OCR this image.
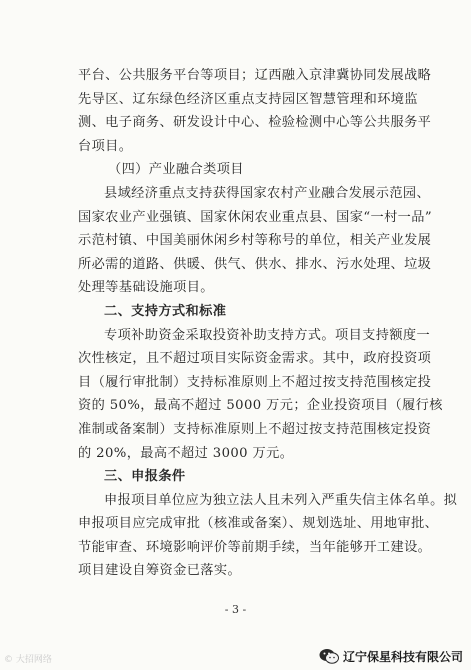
平台、公共服务平台等项目；辽西融入京津冀协同发展战略
先导区、辽东绿色经济区重点支持园区智慧管理和环境监
测、电子商务、研发设计中心、检验检测中心等公共服务平
台项目。
（四）产业融合类项目
县域经济重点支持获得国家农村产业融合发展示范园、
国家农业产业强镇、国家休闲农业重点县、国家“一村一品”
示范村镇、中国美丽休闲乡村等称号的单位，相关产业发展
所必需的道路、供暖、供气、供水、排水、污水处理、垃圾
处理等基础设施项目。
二、支持方式和标准
专项补助资金采取投资补助支持方式。项目支持额度一
次性核定，且不超过项目实际资金需求。其中，政府投资项
目（履行审批制）支持标准原则上不超过按支持范围核定投
资的 50%，最高不超过 5000 万元；企业投资项目（履行核
准制或备案制）支持标准原则上不超过按支持范围核定投资
的 20%，最高不超过 3000 万元。
三、申报条件
申报项目单位应为独立法人且未列入严重失信主体名单。拟
申报项目应完成审批（核准或备案）、规划选址、用地审批、
节能审查、环境影响评价等前期手续，当年能够开工建设。
项目建设自筹资金已落实。
- 3 -
© 大招网络	辽宁保星科技有限公司
